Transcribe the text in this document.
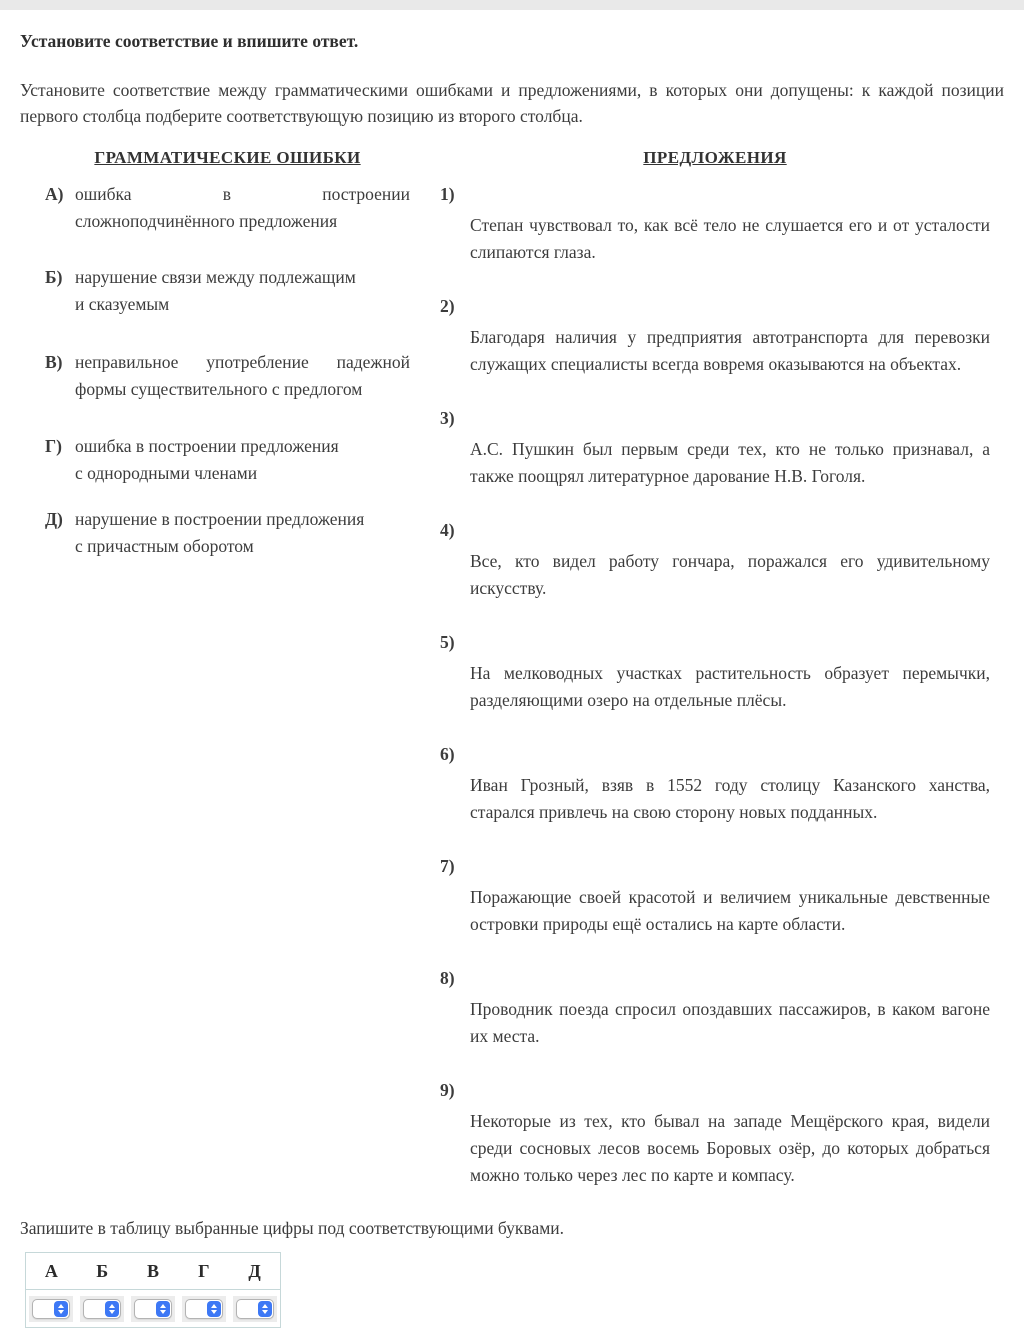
Установите соответствие и впишите ответ.
Установите соответствие между грамматическими ошибками и предложениями, в которых они допущены: к каждой позиции
первого столбца подберите соответствующую позицию из второго столбца.
ГРАММАТИЧЕСКИЕ ОШИБКИ
А) ошибка в построении
сложноподчинённого предложения
Б) нарушение связи между подлежащим
и сказуемым
В) неправильное употребление падежной
формы существительного с предлогом
Г) ошибка в построении предложения
с однородными членами
Д) нарушение в построении предложения
с причастным оборотом
ПРЕДЛОЖЕНИЯ
1)
Степан чувствовал то, как всё тело не слушается его и от усталости
слипаются глаза.
2)
Благодаря наличия у предприятия автотранспорта для перевозки
служащих специалисты всегда вовремя оказываются на объектах.
3)
А.С. Пушкин был первым среди тех, кто не только признавал, а
также поощрял литературное дарование Н.В. Гоголя.
4)
Все, кто видел работу гончара, поражался его удивительному
искусству.
5)
На мелководных участках растительность образует перемычки,
разделяющими озеро на отдельные плёсы.
6)
Иван Грозный, взяв в 1552 году столицу Казанского ханства,
старался привлечь на свою сторону новых подданных.
7)
Поражающие своей красотой и величием уникальные девственные
островки природы ещё остались на карте области.
8)
Проводник поезда спросил опоздавших пассажиров, в каком вагоне
их места.
9)
Некоторые из тех, кто бывал на западе Мещёрского края, видели
среди сосновых лесов восемь Боровых озёр, до которых добраться
можно только через лес по карте и компасу.
Запишите в таблицу выбранные цифры под соответствующими буквами.
А	Б	В	Г	Д
